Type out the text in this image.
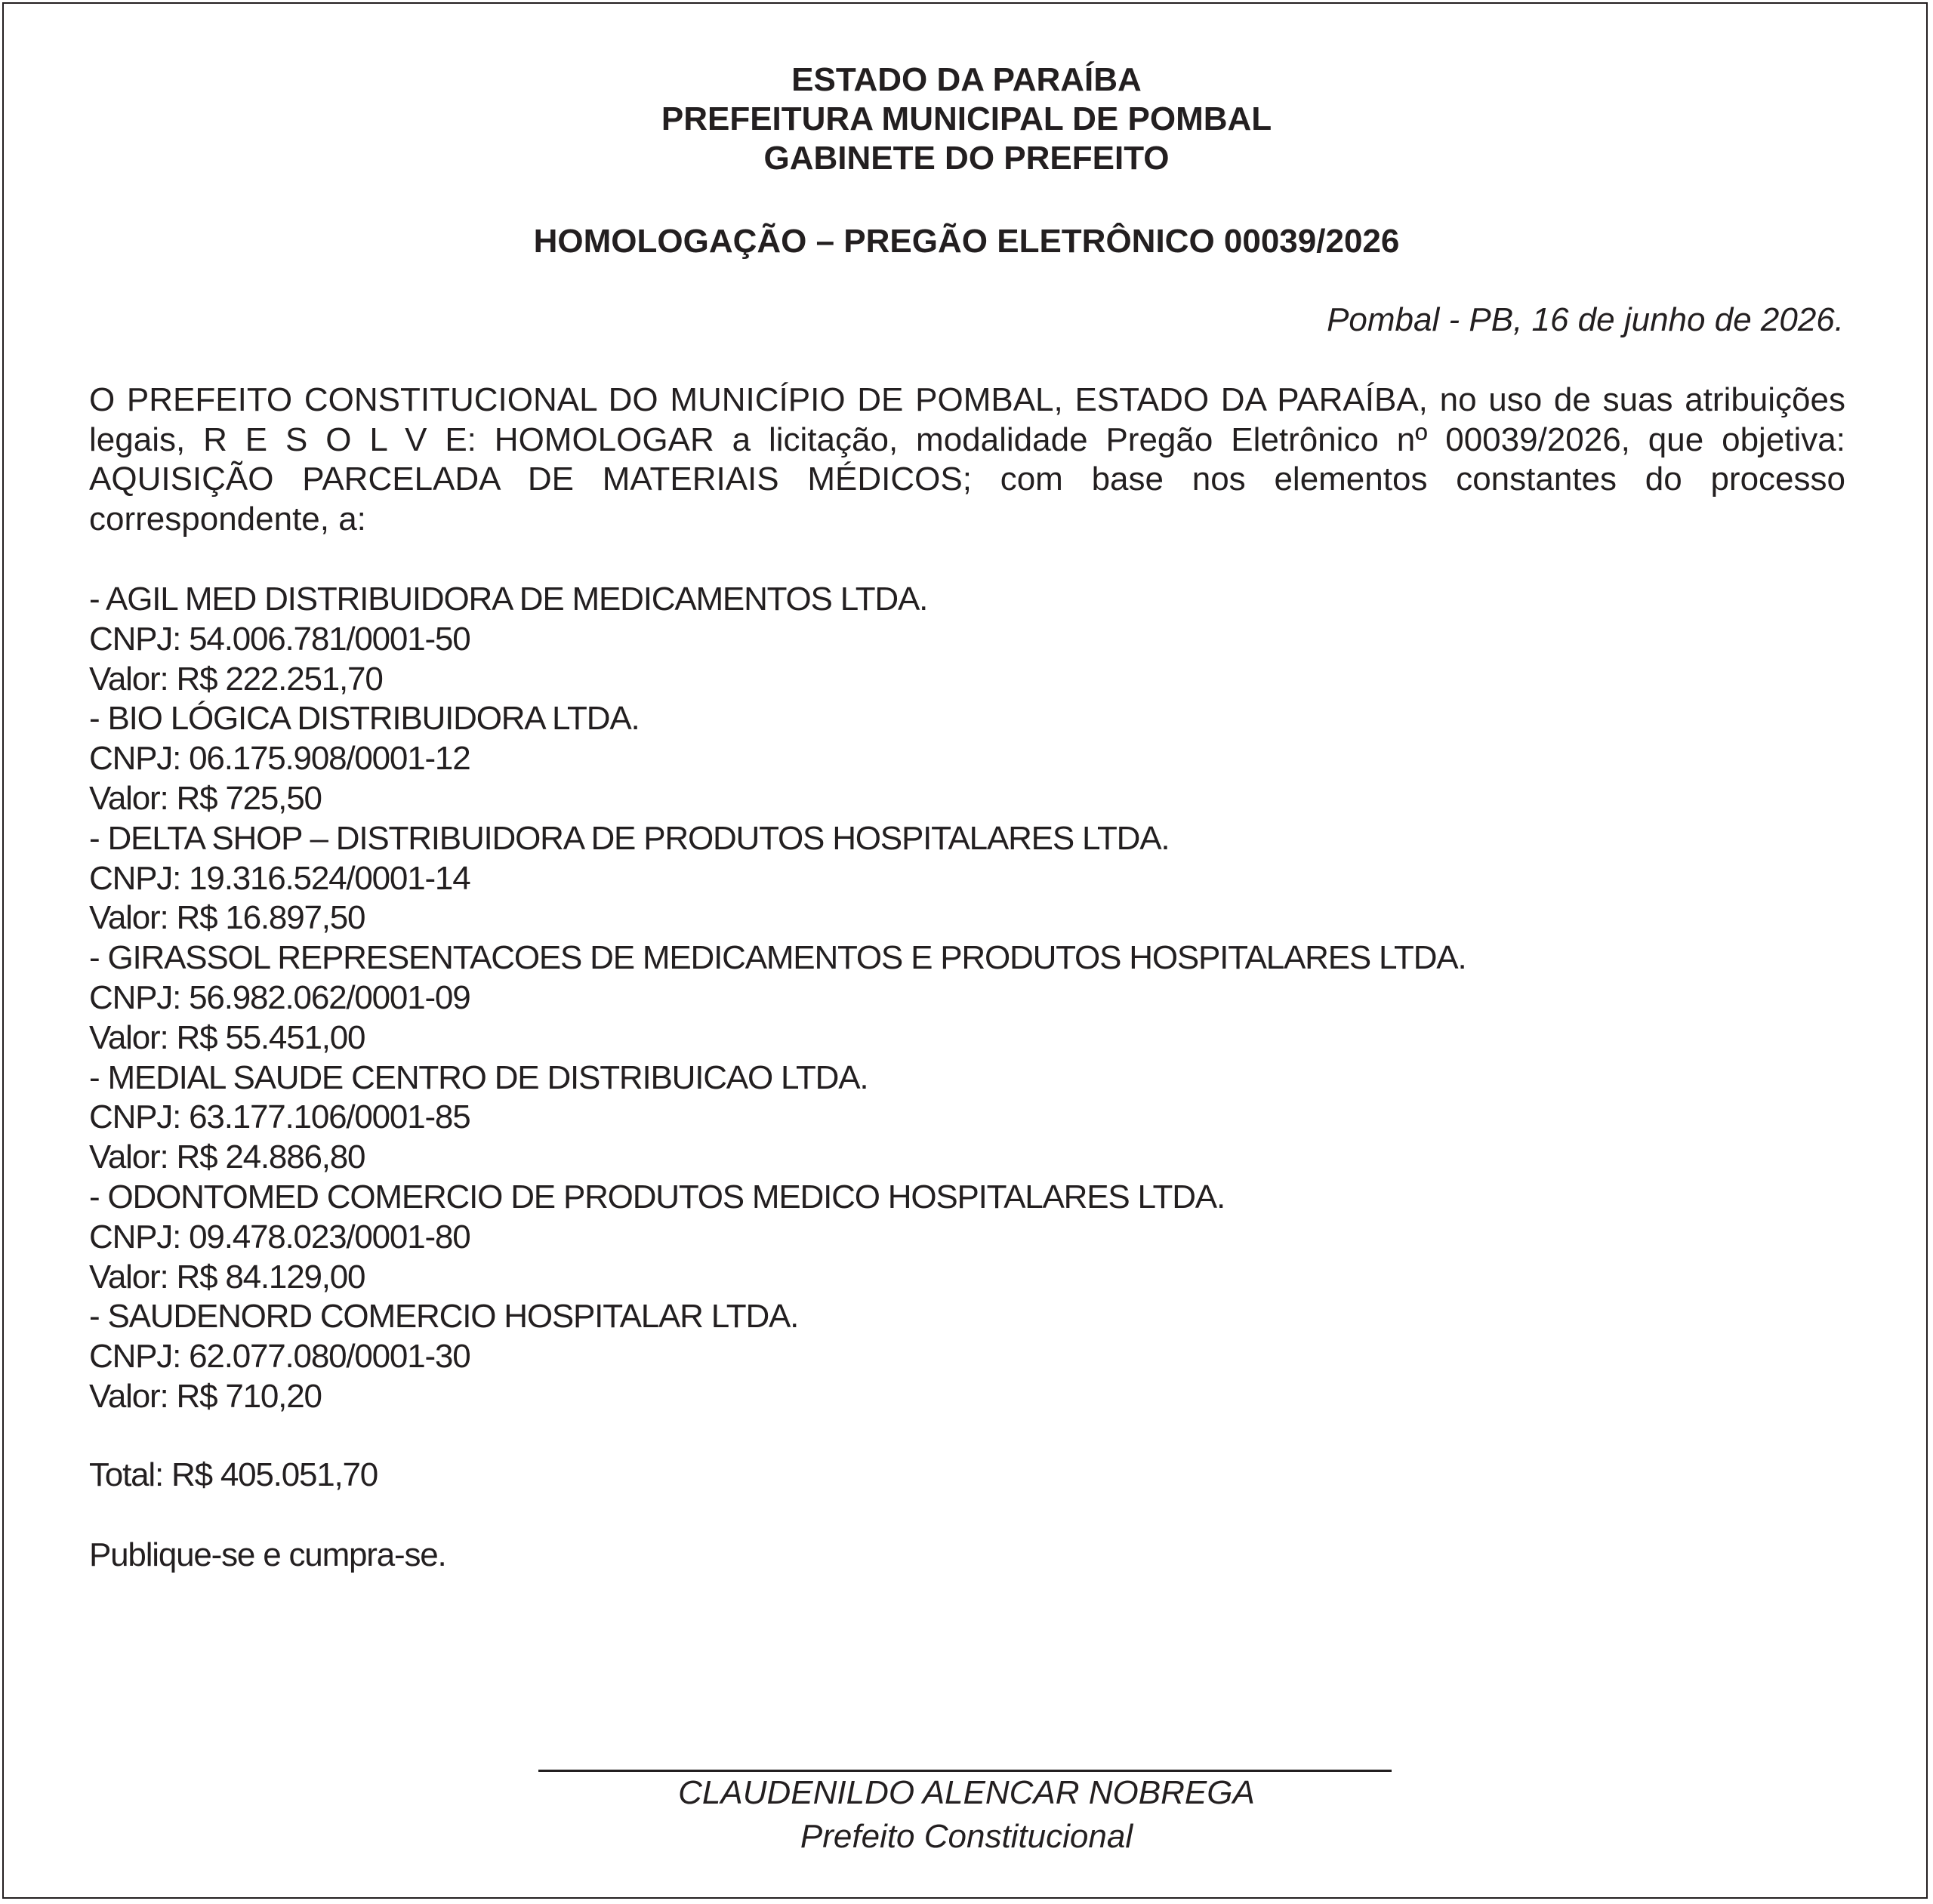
ESTADO DA PARAÍBA
PREFEITURA MUNICIPAL DE POMBAL
GABINETE DO PREFEITO
HOMOLOGAÇÃO – PREGÃO ELETRÔNICO 00039/2026
Pombal - PB, 16 de junho de 2026.
O PREFEITO CONSTITUCIONAL DO MUNICÍPIO DE POMBAL, ESTADO DA PARAÍBA, no uso de suas atribuições legais, R E S O L V E: HOMOLOGAR a licitação, modalidade Pregão Eletrônico nº 00039/2026, que objetiva: AQUISIÇÃO PARCELADA DE MATERIAIS MÉDICOS; com base nos elementos constantes do processo correspondente, a:
- AGIL MED DISTRIBUIDORA DE MEDICAMENTOS LTDA.
CNPJ: 54.006.781/0001-50
Valor: R$ 222.251,70
- BIO LÓGICA DISTRIBUIDORA LTDA.
CNPJ: 06.175.908/0001-12
Valor: R$ 725,50
- DELTA SHOP – DISTRIBUIDORA DE PRODUTOS HOSPITALARES LTDA.
CNPJ: 19.316.524/0001-14
Valor: R$ 16.897,50
- GIRASSOL REPRESENTACOES DE MEDICAMENTOS E PRODUTOS HOSPITALARES LTDA.
CNPJ: 56.982.062/0001-09
Valor: R$ 55.451,00
- MEDIAL SAUDE CENTRO DE DISTRIBUICAO LTDA.
CNPJ: 63.177.106/0001-85
Valor: R$ 24.886,80
- ODONTOMED COMERCIO DE PRODUTOS MEDICO HOSPITALARES LTDA.
CNPJ: 09.478.023/0001-80
Valor: R$ 84.129,00
- SAUDENORD COMERCIO HOSPITALAR LTDA.
CNPJ: 62.077.080/0001-30
Valor: R$ 710,20
Total: R$ 405.051,70
Publique-se e cumpra-se.
CLAUDENILDO ALENCAR NOBREGA
Prefeito Constitucional
